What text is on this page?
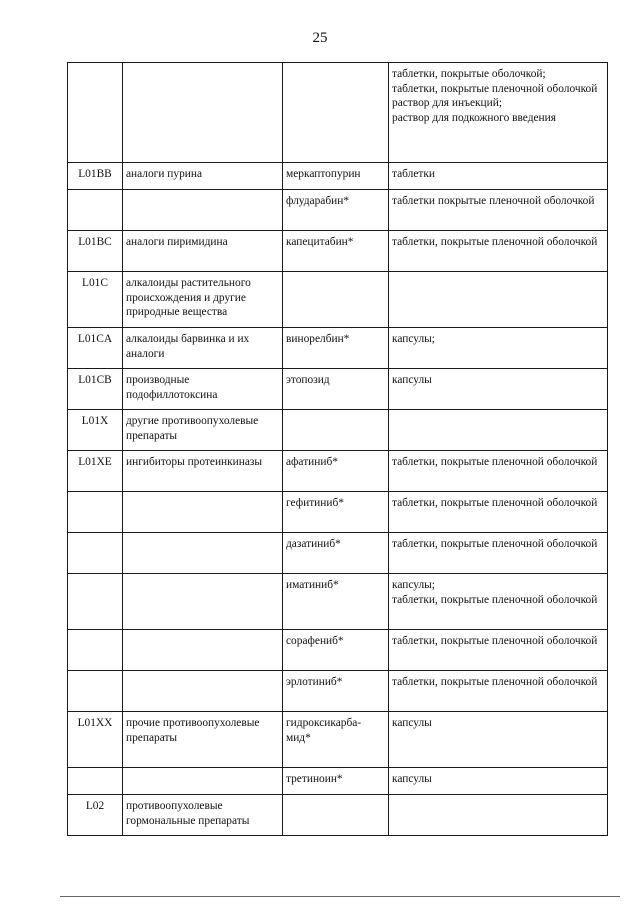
25
			таблетки, покрытые оболочкой;
таблетки, покрытые пленочной оболочкой
раствор для инъекций;
раствор для подкожного введения
L01BB	аналоги пурина	меркаптопурин	таблетки
		флударабин*	таблетки покрытые пленочной оболочкой
L01BC	аналоги пиримидина	капецитабин*	таблетки, покрытые пленочной оболочкой
L01C	алкалоиды растительного происхождения и другие природные вещества		
L01CA	алкалоиды барвинка и их аналоги	винорелбин*	капсулы;
L01CB	производные подофиллотоксина	этопозид	капсулы
L01X	другие противоопухолевые препараты		
L01XE	ингибиторы протеинкиназы	афатиниб*	таблетки, покрытые пленочной оболочкой
		гефитиниб*	таблетки, покрытые пленочной оболочкой
		дазатиниб*	таблетки, покрытые пленочной оболочкой
		иматиниб*	капсулы;
таблетки, покрытые пленочной оболочкой
		сорафениб*	таблетки, покрытые пленочной оболочкой
		эрлотиниб*	таблетки, покрытые пленочной оболочкой
L01XX	прочие противоопухолевые препараты	гидроксикарба-мид*	капсулы
		третиноин*	капсулы
L02	противоопухолевые гормональные препараты		
